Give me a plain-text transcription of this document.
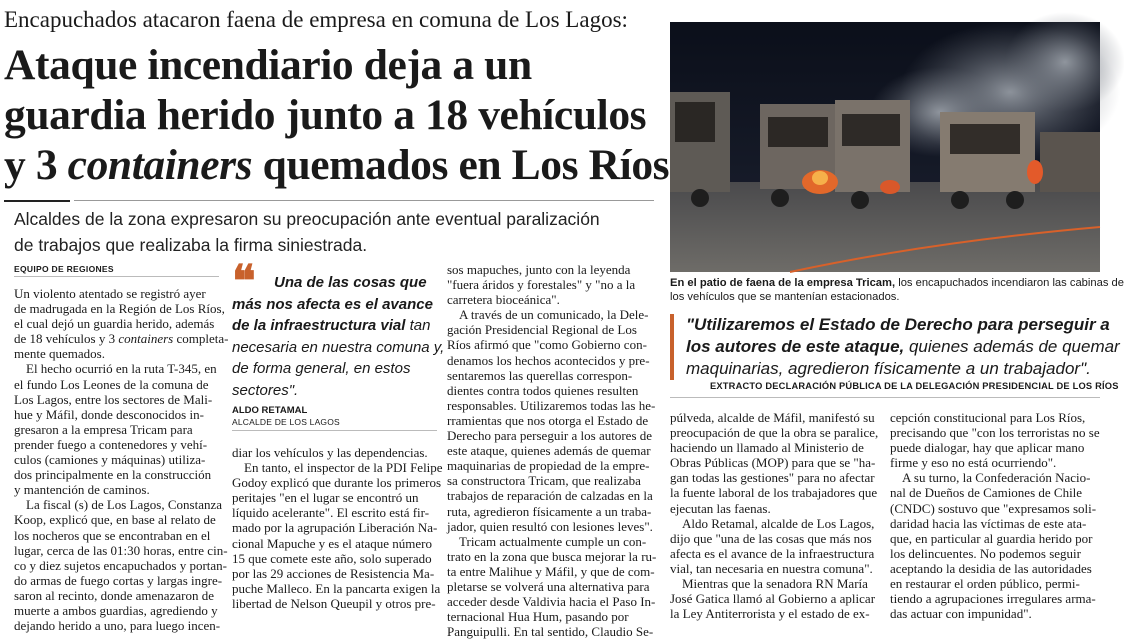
Encapuchados atacaron faena de empresa en comuna de Los Lagos:
Ataque incendiario deja a un
guardia herido junto a 18 vehículos
y 3 containers quemados en Los Ríos
Alcaldes de la zona expresaron su preocupación ante eventual paralización
de trabajos que realizaba la firma siniestrada.
EQUIPO DE REGIONES
Un violento atentado se registró ayer
de madrugada en la Región de Los Ríos,
el cual dejó un guardia herido, además
de 18 vehículos y 3 containers completa-
mente quemados.
El hecho ocurrió en la ruta T-345, en
el fundo Los Leones de la comuna de
Los Lagos, entre los sectores de Mali-
hue y Máfil, donde desconocidos in-
gresaron a la empresa Tricam para
prender fuego a contenedores y vehí-
culos (camiones y máquinas) utiliza-
dos principalmente en la construcción
y mantención de caminos.
La fiscal (s) de Los Lagos, Constanza
Koop, explicó que, en base al relato de
los nocheros que se encontraban en el
lugar, cerca de las 01:30 horas, entre cin-
co y diez sujetos encapuchados y portan-
do armas de fuego cortas y largas ingre-
saron al recinto, donde amenazaron de
muerte a ambos guardias, agrediendo y
dejando herido a uno, para luego incen-
❝	Una de las cosas que
más nos afecta es el avance
de la infraestructura vial tan
necesaria en nuestra comuna y,
de forma general, en estos
sectores".
ALDO RETAMAL
ALCALDE DE LOS LAGOS
diar los vehículos y las dependencias.
En tanto, el inspector de la PDI Felipe
Godoy explicó que durante los primeros
peritajes "en el lugar se encontró un
líquido acelerante". El escrito está fir-
mado por la agrupación Liberación Na-
cional Mapuche y es el ataque número
15 que comete este año, solo superado
por las 29 acciones de Resistencia Ma-
puche Malleco. En la pancarta exigen la
libertad de Nelson Queupil y otros pre-
sos mapuches, junto con la leyenda
"fuera áridos y forestales" y "no a la
carretera bioceánica".
A través de un comunicado, la Dele-
gación Presidencial Regional de Los
Ríos afirmó que "como Gobierno con-
denamos los hechos acontecidos y pre-
sentaremos las querellas correspon-
dientes contra todos quienes resulten
responsables. Utilizaremos todas las he-
rramientas que nos otorga el Estado de
Derecho para perseguir a los autores de
este ataque, quienes además de quemar
maquinarias de propiedad de la empre-
sa constructora Tricam, que realizaba
trabajos de reparación de calzadas en la
ruta, agredieron físicamente a un traba-
jador, quien resultó con lesiones leves".
Tricam actualmente cumple un con-
trato en la zona que busca mejorar la ru-
ta entre Malihue y Máfil, y que de com-
pletarse se volverá una alternativa para
acceder desde Valdivia hacia el Paso In-
ternacional Hua Hum, pasando por
Panguipulli. En tal sentido, Claudio Se-
En el patio de faena de la empresa Tricam, los encapuchados incendiaron las cabinas de
los vehículos que se mantenían estacionados.
"Utilizaremos el Estado de Derecho para perseguir a
los autores de este ataque, quienes además de quemar
maquinarias, agredieron físicamente a un trabajador".
EXTRACTO DECLARACIÓN PÚBLICA DE LA DELEGACIÓN PRESIDENCIAL DE LOS RÍOS
púlveda, alcalde de Máfil, manifestó su
preocupación de que la obra se paralice,
haciendo un llamado al Ministerio de
Obras Públicas (MOP) para que se "ha-
gan todas las gestiones" para no afectar
la fuente laboral de los trabajadores que
ejecutan las faenas.
Aldo Retamal, alcalde de Los Lagos,
dijo que "una de las cosas que más nos
afecta es el avance de la infraestructura
vial, tan necesaria en nuestra comuna".
Mientras que la senadora RN María
José Gatica llamó al Gobierno a aplicar
la Ley Antiterrorista y el estado de ex-
cepción constitucional para Los Ríos,
precisando que "con los terroristas no se
puede dialogar, hay que aplicar mano
firme y eso no está ocurriendo".
A su turno, la Confederación Nacio-
nal de Dueños de Camiones de Chile
(CNDC) sostuvo que "expresamos soli-
daridad hacia las víctimas de este ata-
que, en particular al guardia herido por
los delincuentes. No podemos seguir
aceptando la desidia de las autoridades
en restaurar el orden público, permi-
tiendo a agrupaciones irregulares arma-
das actuar con impunidad".
